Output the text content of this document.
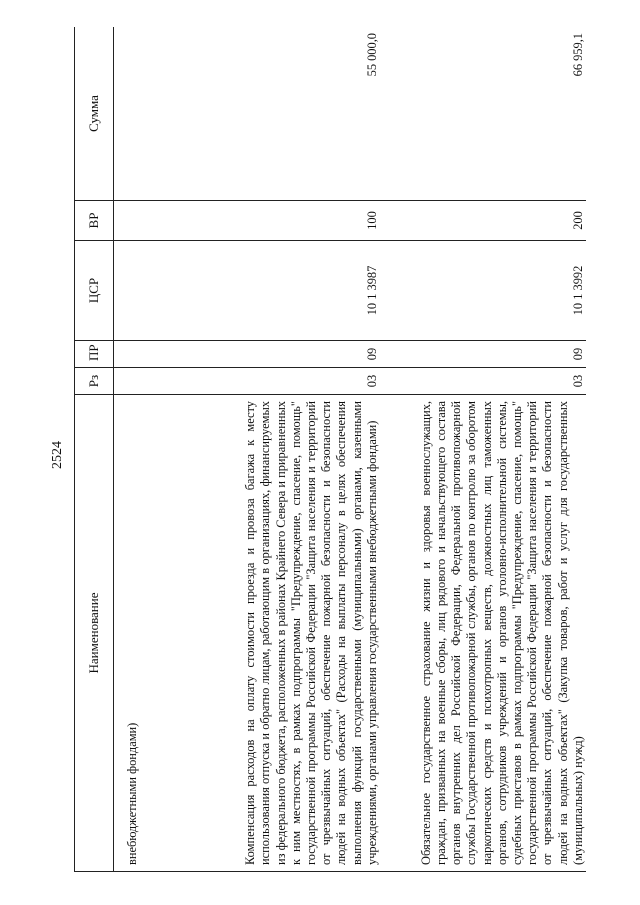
2524
Наименование	Рз	ПР	ЦСР	ВР	Сумма
внебюджетными фондами)					
Компенсация расходов на оплату стоимости проезда и провоза багажа к месту использования отпуска и обратно лицам, работающим в организациях, финансируемых из федерального бюджета, расположенных в районах Крайнего Севера и приравненных к ним местностях, в рамках подпрограммы "Предупреждение, спасение, помощь" государственной программы Российской Федерации "Защита населения и территорий от чрезвычайных ситуаций, обеспечение пожарной безопасности и безопасности людей на водных объектах" (Расходы на выплаты персоналу в целях обеспечения выполнения функций государственными (муниципальными) органами, казенными учреждениями, органами управления государственными внебюджетными фондами)	03	09	10 1 3987	100	55 000,0
Обязательное государственное страхование жизни и здоровья военнослужащих, граждан, призванных на военные сборы, лиц рядового и начальствующего состава органов внутренних дел Российской Федерации, Федеральной противопожарной службы Государственной противопожарной службы, органов по контролю за оборотом наркотических средств и психотропных веществ, должностных лиц таможенных органов, сотрудников учреждений и органов уголовно-исполнительной системы, судебных приставов в рамках подпрограммы "Предупреждение, спасение, помощь" государственной программы Российской Федерации "Защита населения и территорий от чрезвычайных ситуаций, обеспечение пожарной безопасности и безопасности людей на водных объектах" (Закупка товаров, работ и услуг для государственных (муниципальных) нужд)	03	09	10 1 3992	200	66 959,1
